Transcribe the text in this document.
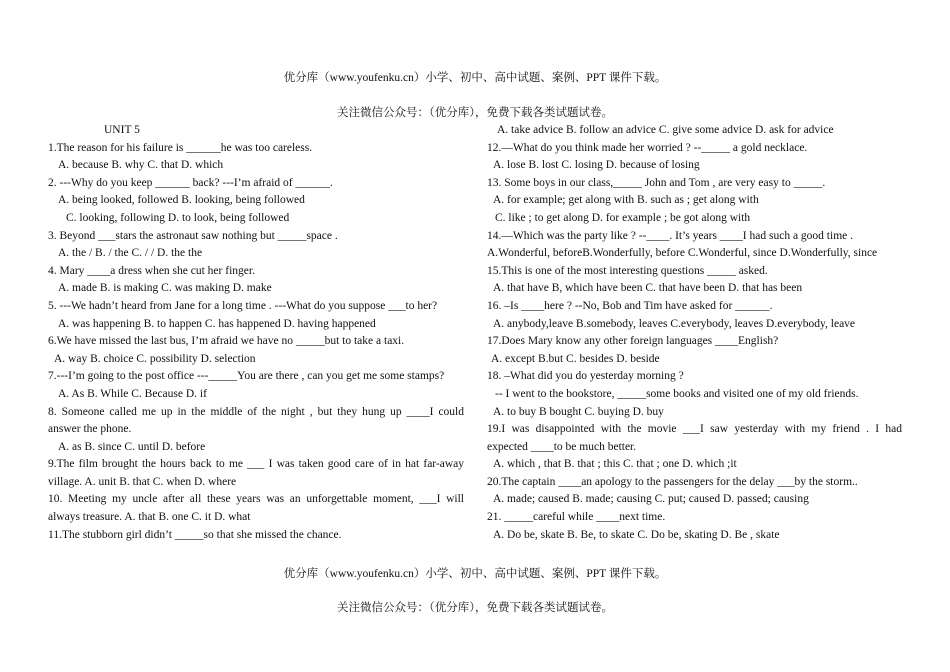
优分库（www.youfenku.cn）小学、初中、高中试题、案例、PPT 课件下载。
关注微信公众号：（优分库），免费下载各类试题试卷。
UNIT 5
1.The reason for his failure is ______he was too careless.
A. because B. why C. that D. which
2. ---Why do you keep ______ back? ---I’m afraid of ______.
A. being looked, followed B. looking, being followed
C. looking, following D. to look, being followed
3. Beyond ___stars the astronaut saw nothing but _____space .
A. the / B. / the C. / / D. the the
4. Mary ____a dress when she cut her finger.
A. made B. is making C. was making D. make
5. ---We hadn’t heard from Jane for a long time . ---What do you suppose ___to her?
A. was happening B. to happen C. has happened D. having happened
6.We have missed the last bus, I’m afraid we have no _____but to take a taxi.
A. way B. choice C. possibility D. selection
7.---I’m going to the post office ---_____You are there , can you get me some stamps?
A. As B. While C. Because D. if
8. Someone called me up in the middle of the night , but they hung up ____I could
answer the phone.
A. as B. since C. until D. before
9.The film brought the hours back to me ___ I was taken good care of in hat far-away
village. A. unit B. that C. when D. where
10. Meeting my uncle after all these years was an unforgettable moment, ___I will
always treasure. A. that B. one C. it D. what
11.The stubborn girl didn’t _____so that she missed the chance.
A. take advice B. follow an advice C. give some advice D. ask for advice
12.—What do you think made her worried ? --_____ a gold necklace.
A. lose B. lost C. losing D. because of losing
13. Some boys in our class,_____ John and Tom , are very easy to _____.
A. for example; get along with B. such as ; get along with
C. like ; to get along D. for example ; be got along with
14.—Which was the party like ? --____. It’s years ____I had such a good time .
A.Wonderful, beforeB.Wonderfully, before C.Wonderful, since D.Wonderfully, since
15.This is one of the most interesting questions _____ asked.
A. that have B, which have been C. that have been D. that has been
16. –Is ____here ? --No, Bob and Tim have asked for ______.
A. anybody,leave B.somebody, leaves C.everybody, leaves D.everybody, leave
17.Does Mary know any other foreign languages ____English?
A. except B.but C. besides D. beside
18. –What did you do yesterday morning ?
-- I went to the bookstore, _____some books and visited one of my old friends.
A. to buy B bought C. buying D. buy
19.I was disappointed with the movie ___I saw yesterday with my friend . I had
expected ____to be much better.
A. which , that B. that ; this C. that ; one D. which ;it
20.The captain ____an apology to the passengers for the delay ___by the storm..
A. made; caused B. made; causing C. put; caused D. passed; causing
21. _____careful while ____next time.
A. Do be, skate B. Be, to skate C. Do be, skating D. Be , skate
优分库（www.youfenku.cn）小学、初中、高中试题、案例、PPT 课件下载。
关注微信公众号：（优分库），免费下载各类试题试卷。
